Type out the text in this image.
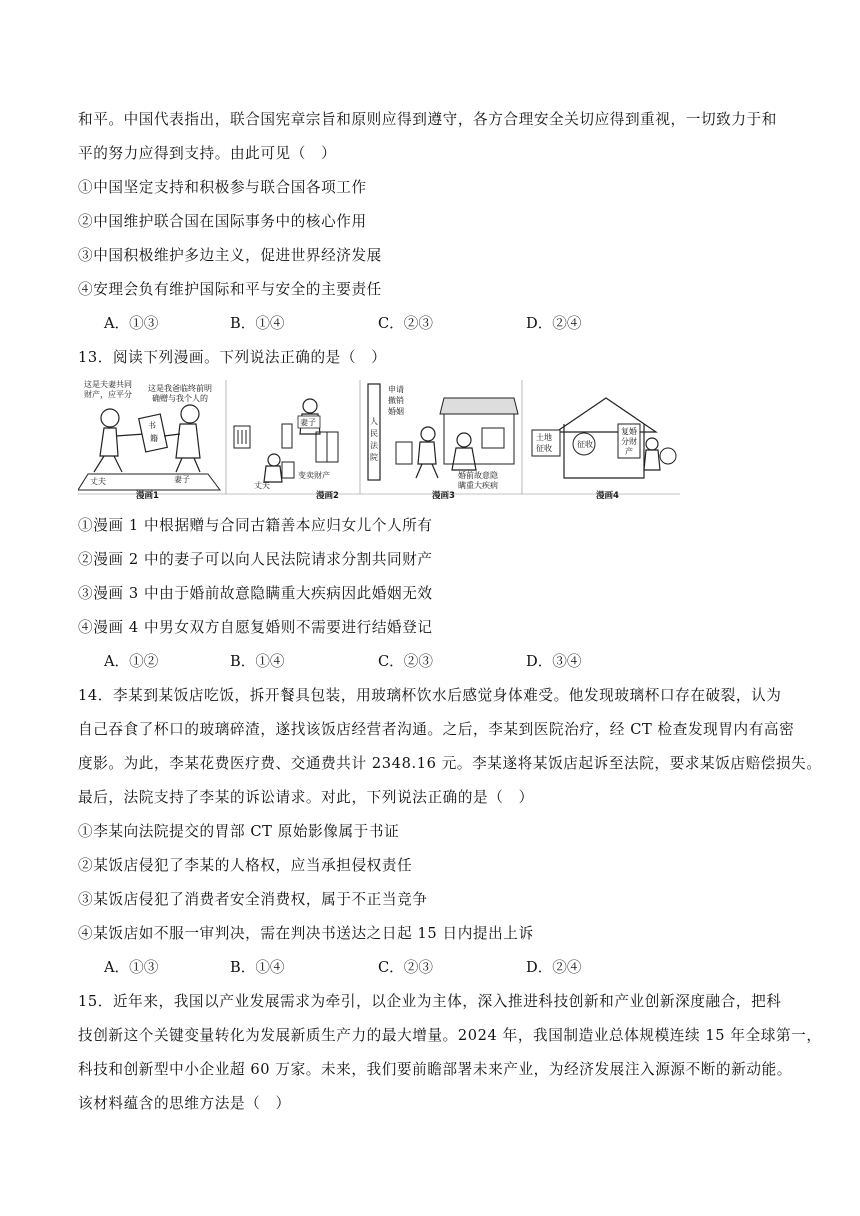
和平。中国代表指出，联合国宪章宗旨和原则应得到遵守，各方合理安全关切应得到重视，一切致力于和
平的努力应得到支持。由此可见（　）
①中国坚定支持和积极参与联合国各项工作
②中国维护联合国在国际事务中的核心作用
③中国积极维护多边主义，促进世界经济发展
④安理会负有维护国际和平与安全的主要责任
A．①③	B．①④	C．②③	D．②④
13．阅读下列漫画。下列说法正确的是（　）
这是夫妻共同
财产，应平分
这是我爸临终前明
确赠与我个人的
书
籍
丈夫	妻子
漫画1
妻子
丈夫
变卖财产
漫画2
人
民
法
院
申请
撤销
婚姻
婚前故意隐
瞒重大疾病
漫画3
土地
征收	征收
复婚
分财
产
漫画4
①漫画 1 中根据赠与合同古籍善本应归女儿个人所有
②漫画 2 中的妻子可以向人民法院请求分割共同财产
③漫画 3 中由于婚前故意隐瞒重大疾病因此婚姻无效
④漫画 4 中男女双方自愿复婚则不需要进行结婚登记
A．①②	B．①④	C．②③	D．③④
14．李某到某饭店吃饭，拆开餐具包装，用玻璃杯饮水后感觉身体难受。他发现玻璃杯口存在破裂，认为
自己吞食了杯口的玻璃碎渣，遂找该饭店经营者沟通。之后，李某到医院治疗，经 CT 检查发现胃内有高密
度影。为此，李某花费医疗费、交通费共计 2348.16 元。李某遂将某饭店起诉至法院，要求某饭店赔偿损失。
最后，法院支持了李某的诉讼请求。对此，下列说法正确的是（　）
①李某向法院提交的胃部 CT 原始影像属于书证
②某饭店侵犯了李某的人格权，应当承担侵权责任
③某饭店侵犯了消费者安全消费权，属于不正当竞争
④某饭店如不服一审判决，需在判决书送达之日起 15 日内提出上诉
A．①③	B．①④	C．②③	D．②④
15．近年来，我国以产业发展需求为牵引，以企业为主体，深入推进科技创新和产业创新深度融合，把科
技创新这个关键变量转化为发展新质生产力的最大增量。2024 年，我国制造业总体规模连续 15 年全球第一，
科技和创新型中小企业超 60 万家。未来，我们要前瞻部署未来产业，为经济发展注入源源不断的新动能。
该材料蕴含的思维方法是（　）
